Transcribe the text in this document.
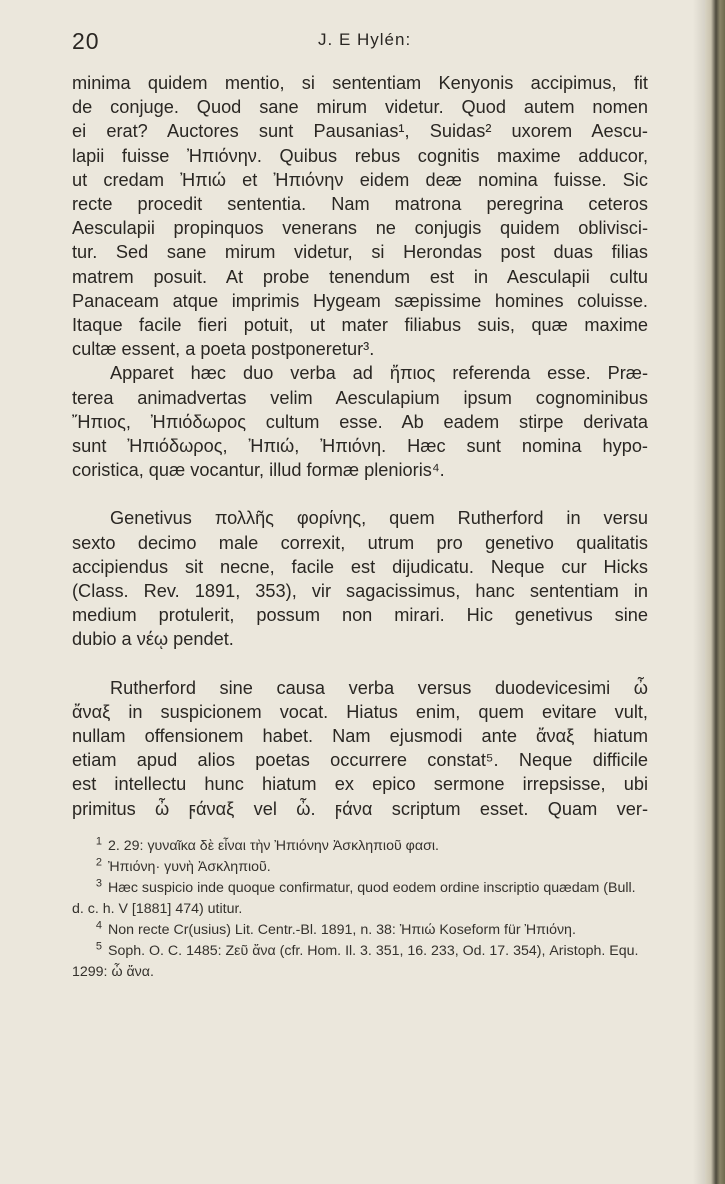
20	J. E Hylén:

minima quidem mentio, si sententiam Kenyonis accipimus, fit
de conjuge. Quod sane mirum videtur. Quod autem nomen
ei erat? Auctores sunt Pausanias¹, Suidas² uxorem Aescu-
lapii fuisse Ἠπιόνην. Quibus rebus cognitis maxime adducor,
ut credam Ἠπιώ et Ἠπιόνην eidem deæ nomina fuisse. Sic
recte procedit sententia. Nam matrona peregrina ceteros
Aesculapii propinquos venerans ne conjugis quidem oblivisci-
tur. Sed sane mirum videtur, si Herondas post duas filias
matrem posuit. At probe tenendum est in Aesculapii cultu
Panaceam atque imprimis Hygeam sæpissime homines coluisse.
Itaque facile fieri potuit, ut mater filiabus suis, quæ maxime
cultæ essent, a poeta postponeretur³.

Apparet hæc duo verba ad ἤπιος referenda esse. Præ-
terea animadvertas velim Aesculapium ipsum cognominibus
Ἤπιος, Ἠπιόδωρος cultum esse. Ab eadem stirpe derivata
sunt Ἠπιόδωρος, Ἠπιώ, Ἠπιόνη. Hæc sunt nomina hypo-
coristica, quæ vocantur, illud formæ plenioris⁴.

Genetivus πολλῆς φορίνης, quem Rutherford in versu
sexto decimo male correxit, utrum pro genetivo qualitatis
accipiendus sit necne, facile est dijudicatu. Neque cur Hicks
(Class. Rev. 1891, 353), vir sagacissimus, hanc sententiam in
medium protulerit, possum non mirari. Hic genetivus sine
dubio a νέῳ pendet.

Rutherford sine causa verba versus duodevicesimi ὦ
ἄναξ in suspicionem vocat. Hiatus enim, quem evitare vult,
nullam offensionem habet. Nam ejusmodi ante ἄναξ hiatum
etiam apud alios poetas occurrere constat⁵. Neque difficile
est intellectu hunc hiatum ex epico sermone irrepsisse, ubi
primitus ὦ ϝάναξ vel ὦ. ϝάνα scriptum esset. Quam ver-

$^1$ 2. 29: γυναῖκα δὲ εἶναι τὴν Ἠπιόνην Ἀσκληπιοῦ φασι.

$^2$ Ἠπιόνη· γυνὴ Ἀσκληπιοῦ.

$^3$ Hæc suspicio inde quoque confirmatur, quod eodem ordine inscriptio quædam (Bull. d. c. h. V [1881] 474) utitur.

$^4$ Non recte Cr(usius) Lit. Centr.-Bl. 1891, n. 38: Ἠπιώ Koseform für Ἠπιόνη.

$^5$ Soph. O. C. 1485: Ζεῦ ἄνα (cfr. Hom. Il. 3. 351, 16. 233, Od. 17. 354), Aristoph. Equ. 1299: ὦ ἄνα.
